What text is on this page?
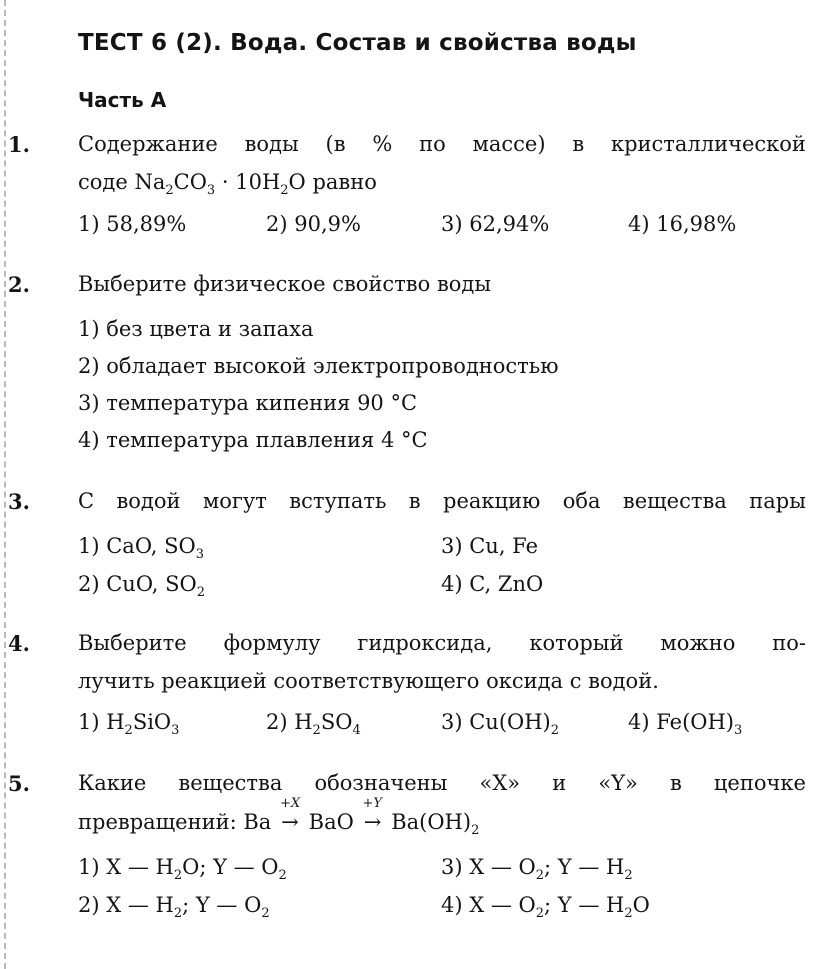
ТЕСТ 6 (2). Вода. Состав и свойства воды
Часть А
1. Содержание воды (в % по массе) в кристаллической
соде $Na_2CO_3 \cdot 10H_2O$ равно
1) 58,89%	2) 90,9%	3) 62,94%	4) 16,98%
2. Выберите физическое свойство воды
1) без цвета и запаха
2) обладает высокой электропроводностью
3) температура кипения 90 °С
4) температура плавления 4 °С
3. С водой могут вступать в реакцию оба вещества пары
1) CaO, $SO_3$	3) Cu, Fe
2) CuO, $SO_2$	4) C, ZnO
4. Выберите формулу гидроксида, который можно по-
лучить реакцией соответствующего оксида с водой.
1) $H_2SiO_3$	2) $H_2SO_4$	3) $Cu(OH)_2$	4) $Fe(OH)_3$
5. Какие вещества обозначены «X» и «Y» в цепочке
превращений: Ba
+X
→ BaO
+Y
→ $Ba(OH)_2$
1) X — $H_2O$; Y — $O_2$	3) X — $O_2$; Y — $H_2$
2) X — $H_2$; Y — $O_2$	4) X — $O_2$; Y — $H_2O$
